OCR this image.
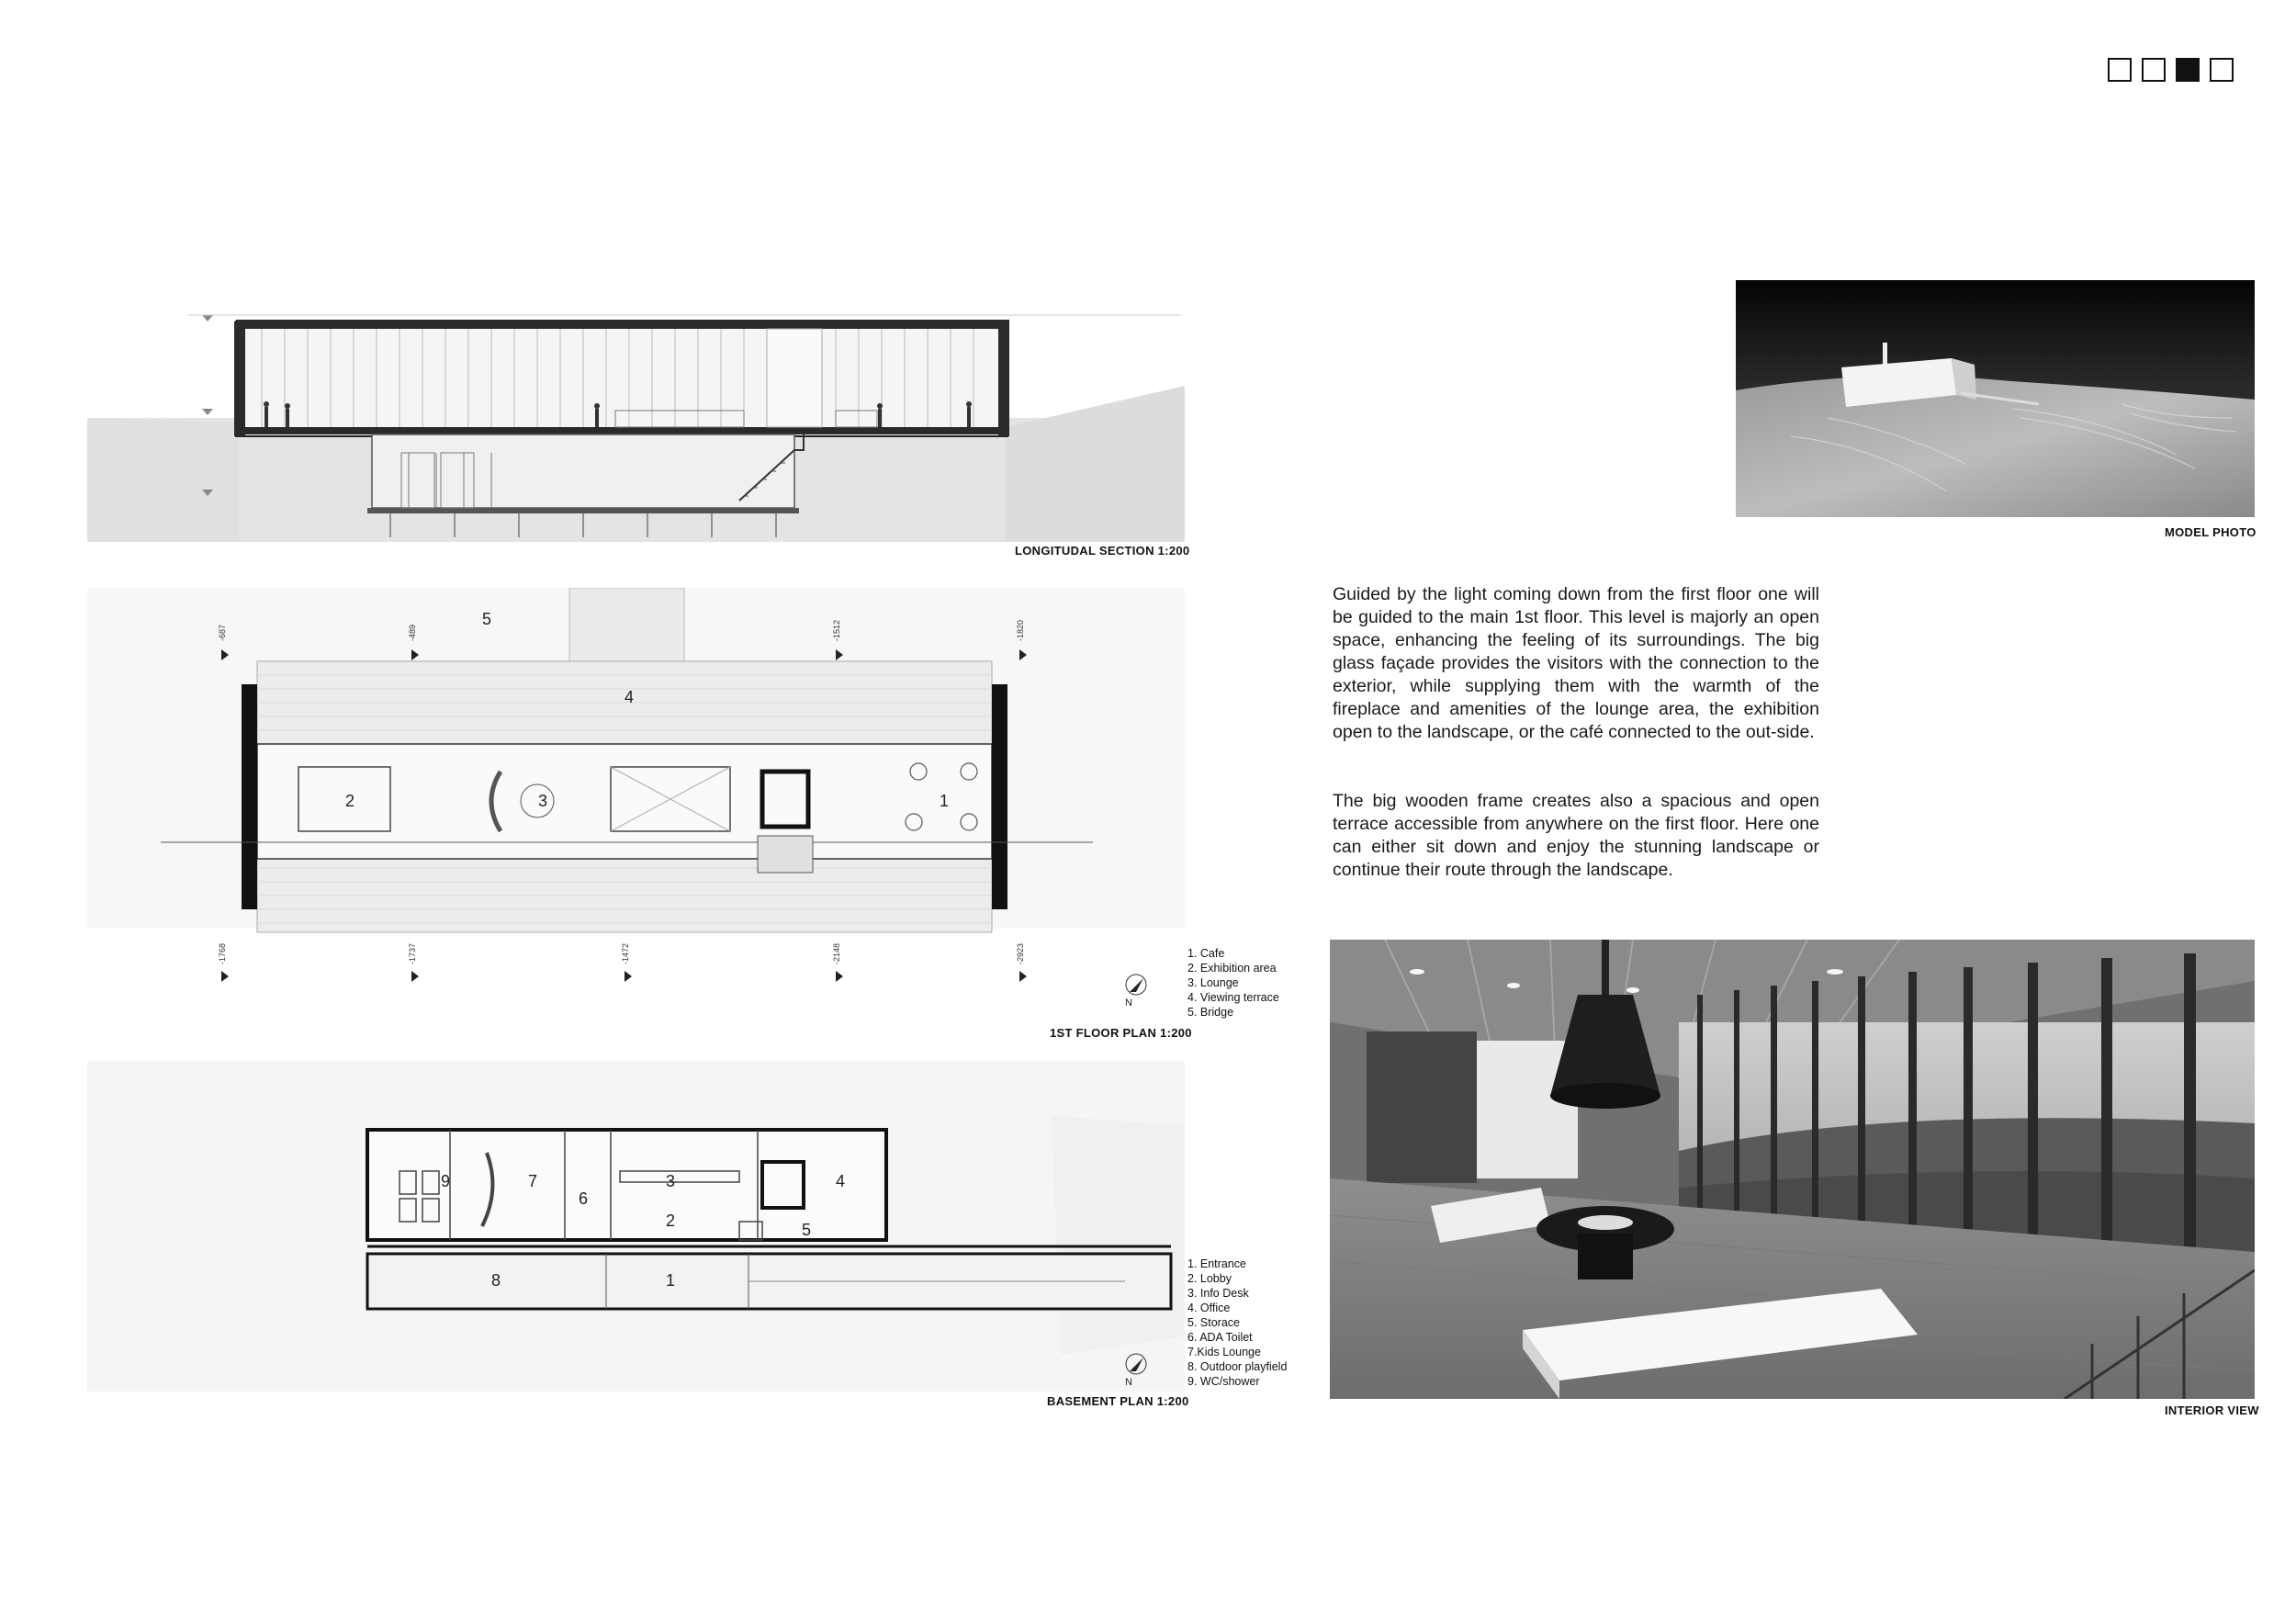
LONGITUDAL SECTION 1:200
5
4
2	3	1
-687	-489	-1512	-1820
-1768	-1737	-1472	-2148	-2923
N
1. Cafe
2. Exhibition area
3. Lounge
4. Viewing terrace
5. Bridge
1ST FLOOR PLAN 1:200
9	7
6
3
2
4
5
8	1
N
1. Entrance
2. Lobby
3. Info Desk
4. Office
5. Storace
6. ADA Toilet
7.Kids Lounge
8. Outdoor playfield
9. WC/shower
BASEMENT PLAN 1:200
MODEL PHOTO
Guided by the light coming down from the first floor one will be guided to the main 1st floor. This level is majorly an open space, enhancing the feeling of its surroundings. The big glass façade provides the visitors with the connection to the exterior, while supplying them with the warmth of the fireplace and amenities of the lounge area, the exhibition open to the landscape, or the café connected to the out-side.
The big wooden frame creates also a spacious and open terrace accessible from anywhere on the first floor. Here one can either sit down and enjoy the stunning landscape or continue their route through the landscape.
INTERIOR VIEW
